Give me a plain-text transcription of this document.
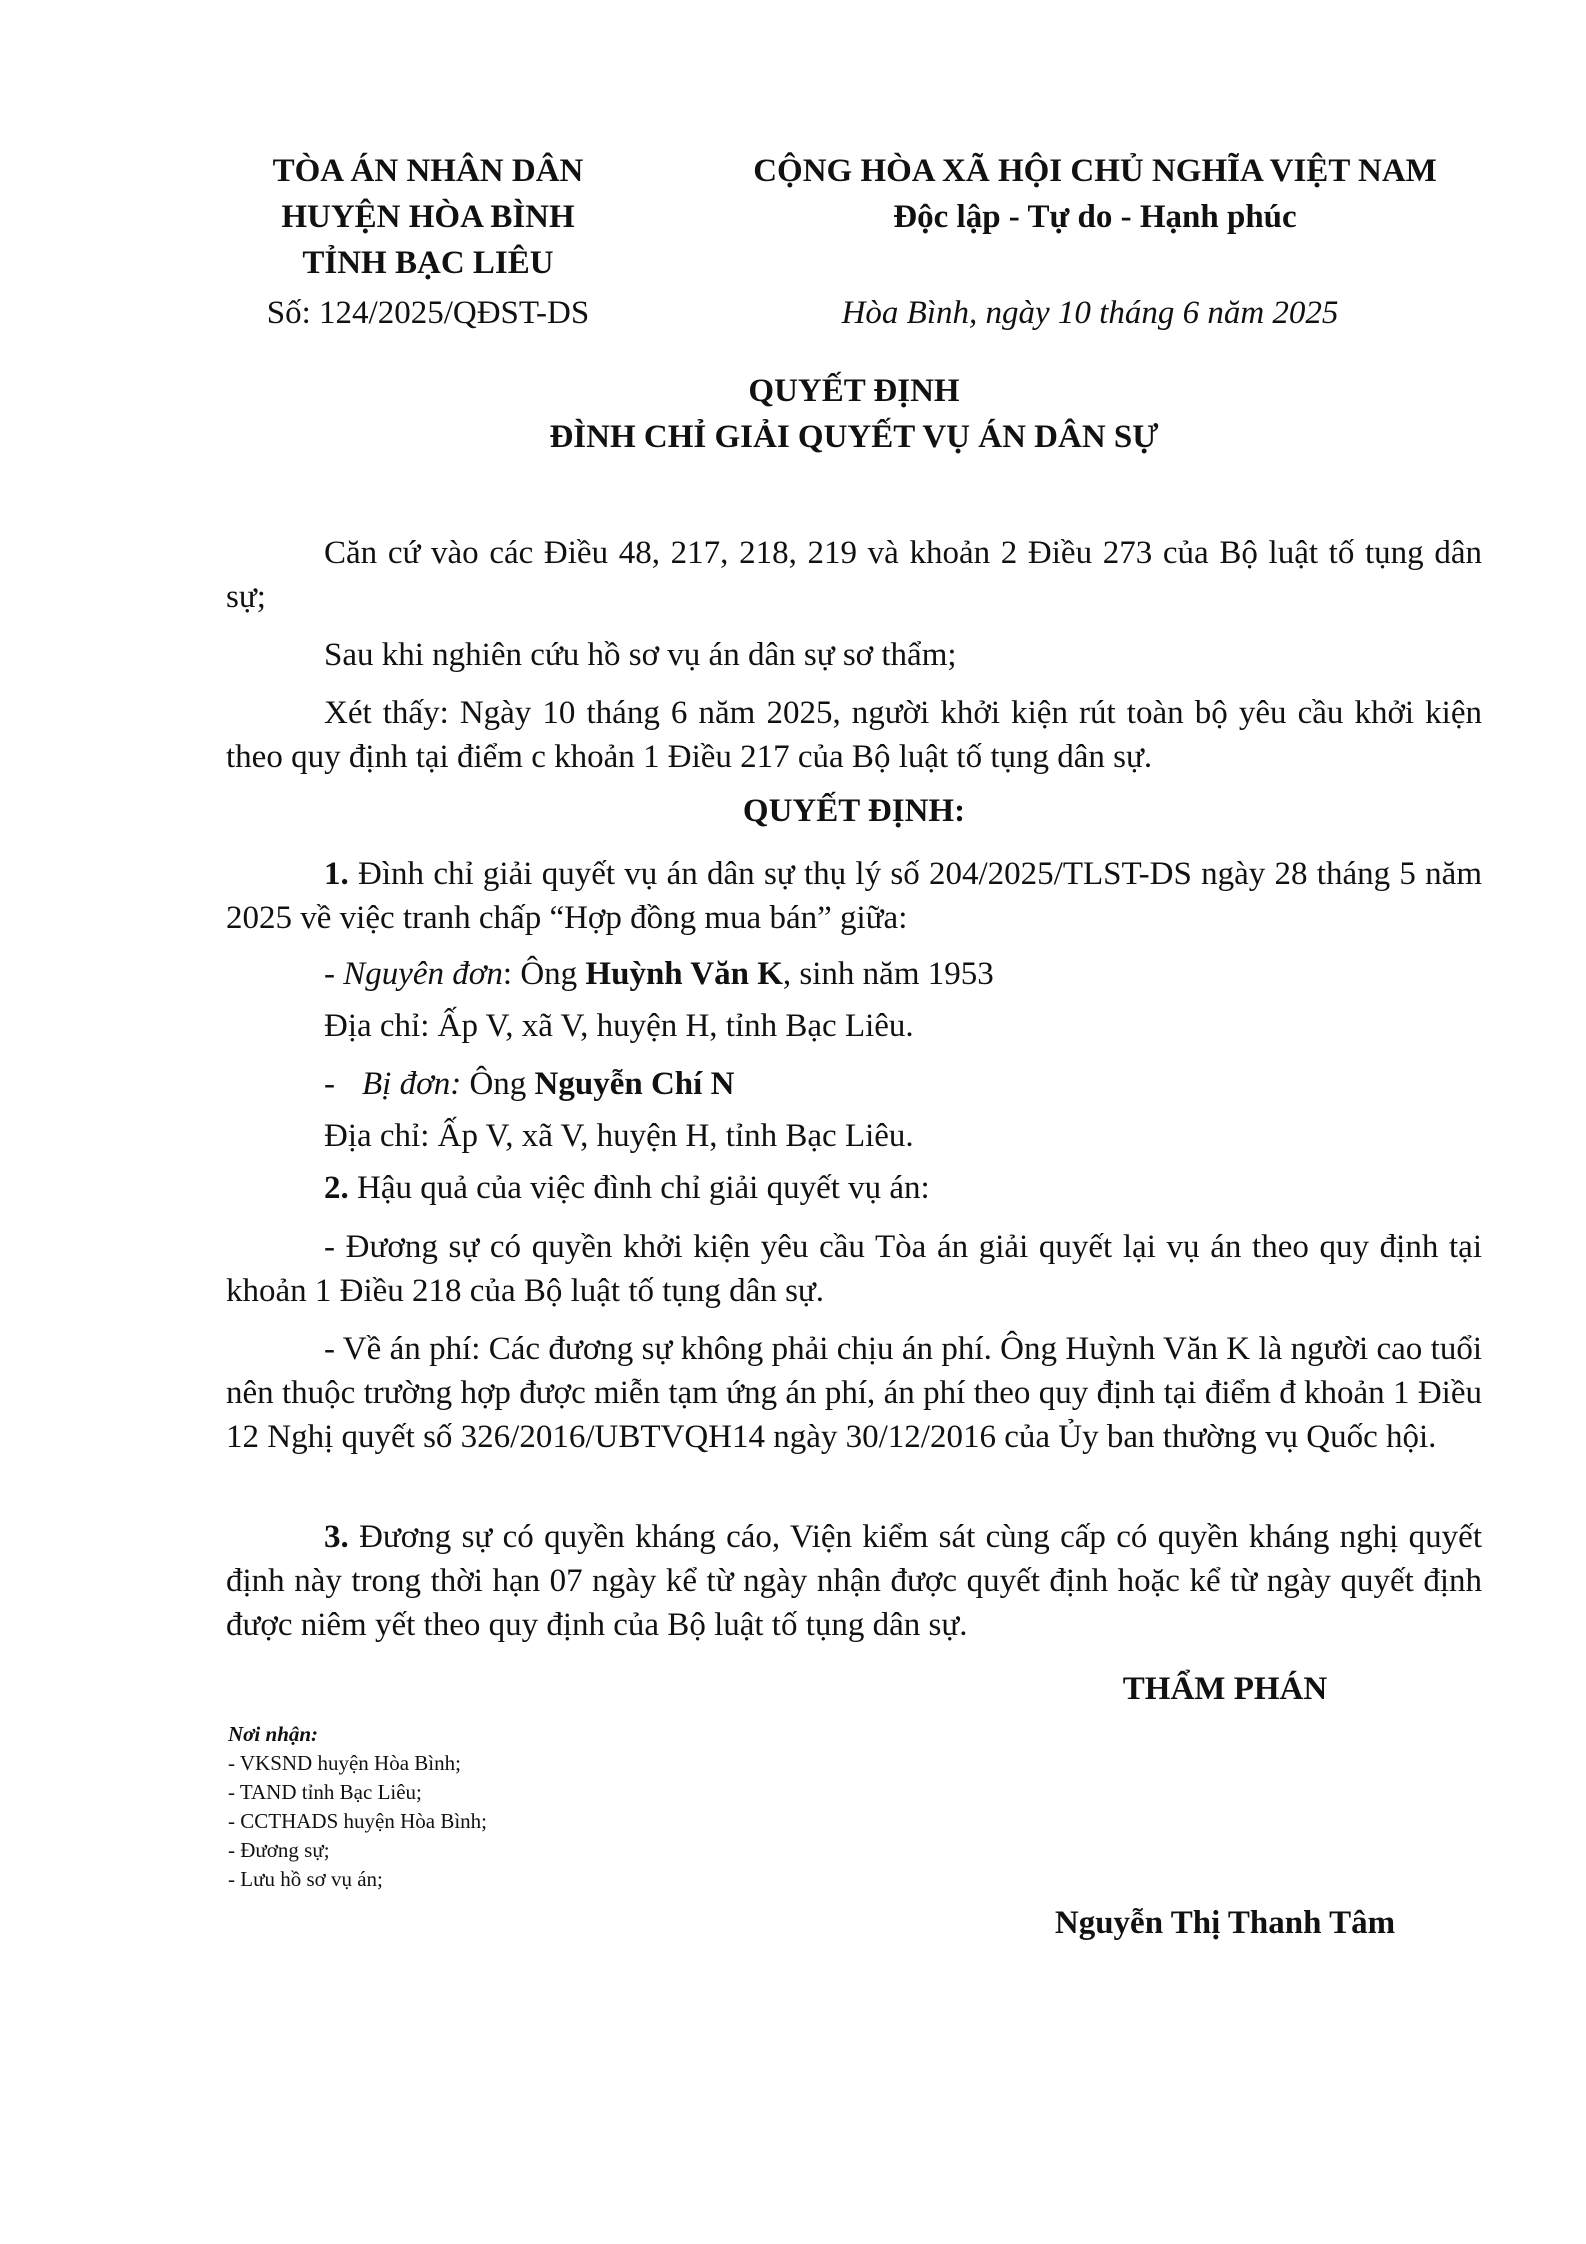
TÒA ÁN NHÂN DÂN
HUYỆN HÒA BÌNH
TỈNH BẠC LIÊU
Số: 124/2025/QĐST-DS
CỘNG HÒA XÃ HỘI CHỦ NGHĨA VIỆT NAM
Độc lập - Tự do - Hạnh phúc
Hòa Bình, ngày 10 tháng 6 năm 2025
QUYẾT ĐỊNH
ĐÌNH CHỈ GIẢI QUYẾT VỤ ÁN DÂN SỰ
Căn cứ vào các Điều 48, 217, 218, 219 và khoản 2 Điều 273 của Bộ luật tố tụng dân sự;
Sau khi nghiên cứu hồ sơ vụ án dân sự sơ thẩm;
Xét thấy: Ngày 10 tháng 6 năm 2025, người khởi kiện rút toàn bộ yêu cầu khởi kiện theo quy định tại điểm c khoản 1 Điều 217 của Bộ luật tố tụng dân sự.
QUYẾT ĐỊNH:
1. Đình chỉ giải quyết vụ án dân sự thụ lý số 204/2025/TLST-DS ngày 28 tháng 5 năm 2025 về việc tranh chấp “Hợp đồng mua bán” giữa:
- Nguyên đơn: Ông Huỳnh Văn K, sinh năm 1953
Địa chỉ: Ấp V, xã V, huyện H, tỉnh Bạc Liêu.
- Bị đơn: Ông Nguyễn Chí N
Địa chỉ: Ấp V, xã V, huyện H, tỉnh Bạc Liêu.
2. Hậu quả của việc đình chỉ giải quyết vụ án:
- Đương sự có quyền khởi kiện yêu cầu Tòa án giải quyết lại vụ án theo quy định tại khoản 1 Điều 218 của Bộ luật tố tụng dân sự.
- Về án phí: Các đương sự không phải chịu án phí. Ông Huỳnh Văn K là người cao tuổi nên thuộc trường hợp được miễn tạm ứng án phí, án phí theo quy định tại điểm đ khoản 1 Điều 12 Nghị quyết số 326/2016/UBTVQH14 ngày 30/12/2016 của Ủy ban thường vụ Quốc hội.
3. Đương sự có quyền kháng cáo, Viện kiểm sát cùng cấp có quyền kháng nghị quyết định này trong thời hạn 07 ngày kể từ ngày nhận được quyết định hoặc kể từ ngày quyết định được niêm yết theo quy định của Bộ luật tố tụng dân sự.
THẨM PHÁN
Nguyễn Thị Thanh Tâm
Nơi nhận:
- VKSND huyện Hòa Bình;
- TAND tỉnh Bạc Liêu;
- CCTHADS huyện Hòa Bình;
- Đương sự;
- Lưu hồ sơ vụ án;
